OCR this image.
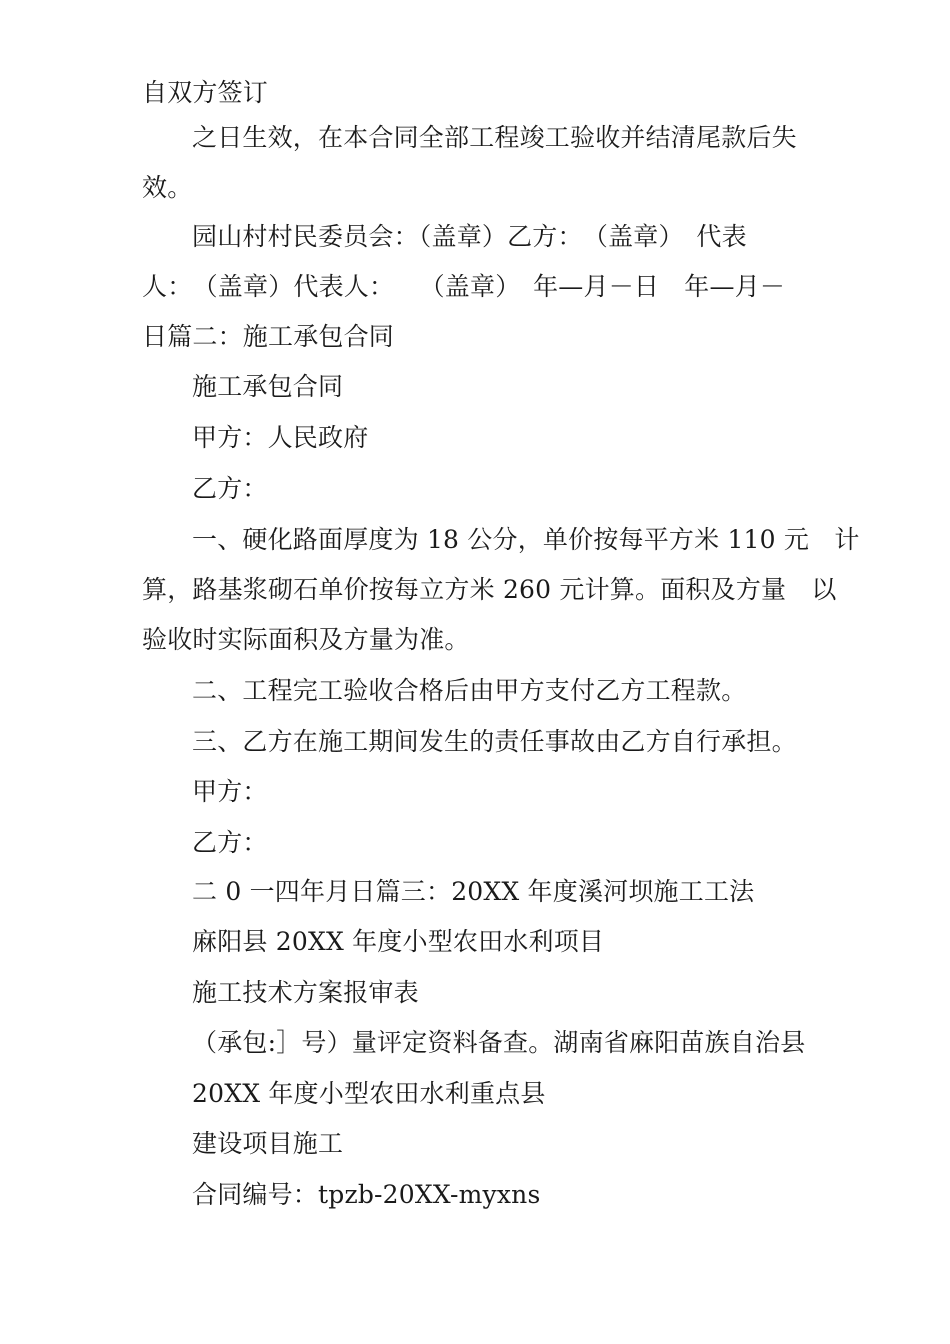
自双方签订
之日生效，在本合同全部工程竣工验收并结清尾款后失
效。
园山村村民委员会：（盖章）乙方：　（盖章）　代表
人：　（盖章）代表人：　　（盖章）　年—月－日　年—月－
日篇二：施工承包合同
施工承包合同
甲方：人民政府
乙方：
一、硬化路面厚度为 18 公分，单价按每平方米 110 元　计
算，路基浆砌石单价按每立方米 260 元计算。面积及方量　以
验收时实际面积及方量为准。
二、工程完工验收合格后由甲方支付乙方工程款。
三、乙方在施工期间发生的责任事故由乙方自行承担。
甲方：
乙方：
二 0 一四年月日篇三：20XX 年度溪河坝施工工法
麻阳县 20XX 年度小型农田水利项目
施工技术方案报审表
（承包:］号）量评定资料备查。湖南省麻阳苗族自治县
20XX 年度小型农田水利重点县
建设项目施工
合同编号：tpzb-20XX-myxns
